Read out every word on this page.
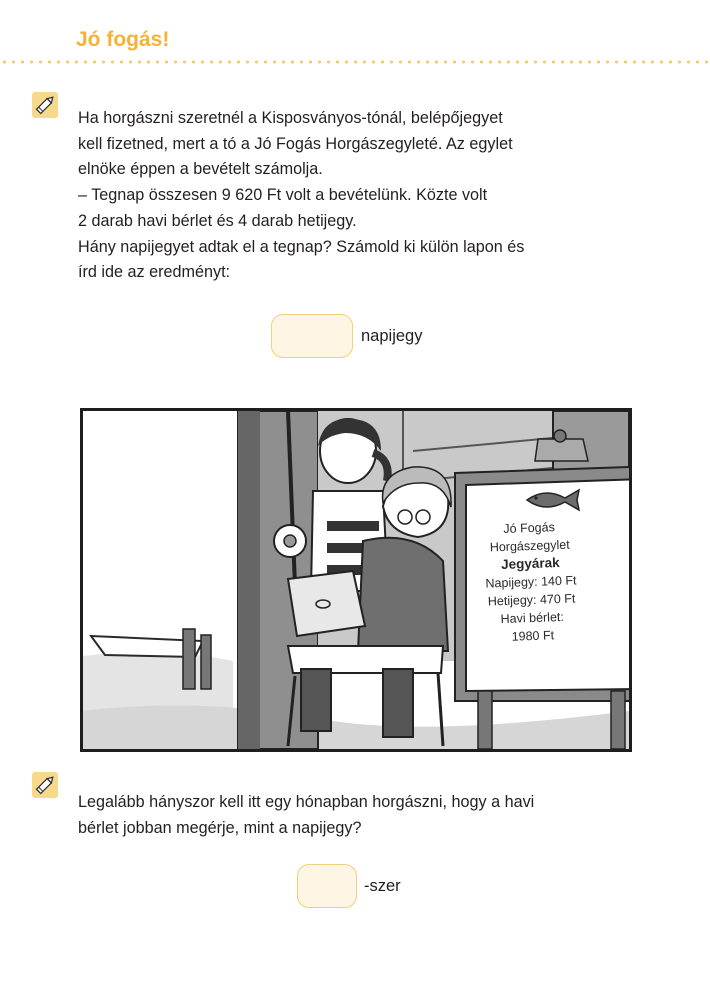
Jó fogás!

Ha horgászni szeretnél a Kisposványos-tónál, belépőjegyet

kell fizetned, mert a tó a Jó Fogás Horgászegyleté. Az egylet

elnöke éppen a bevételt számolja.

– Tegnap összesen 9 620 Ft volt a bevételünk. Közte volt

2 darab havi bérlet és 4 darab hetijegy.

Hány napijegyet adtak el a tegnap? Számold ki külön lapon és

írd ide az eredményt:

napijegy
Jó Fogás
Horgászegylet
Jegyárak
Napijegy: 140 Ft
Hetijegy: 470 Ft
Havi bérlet:
1980 Ft

Legalább hányszor kell itt egy hónapban horgászni, hogy a havi

bérlet jobban megérje, mint a napijegy?

-szer
